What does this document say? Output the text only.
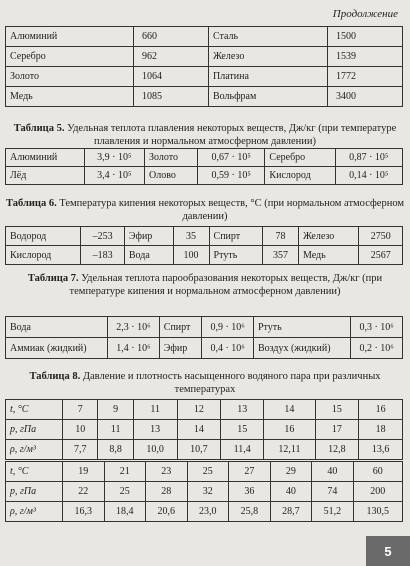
Продолжение
Алюминий	660	Сталь	1500
Серебро	962	Железо	1539
Золото	1064	Платина	1772
Медь	1085	Вольфрам	3400
Таблица 5. Удельная теплота плавления некоторых веществ, Дж/кг (при температуре плавления и нормальном атмосферном давлении)
Алюминий	3,9 · 10⁵	Золото	0,67 · 10⁵	Серебро	0,87 · 10⁵
Лёд	3,4 · 10⁵	Олово	0,59 · 10⁵	Кислород	0,14 · 10⁵
Таблица 6. Температура кипения некоторых веществ, °C (при нормальном атмосферном давлении)
Водород	–253	Эфир	35	Спирт	78	Железо	2750
Кислород	–183	Вода	100	Ртуть	357	Медь	2567
Таблица 7. Удельная теплота парообразования некоторых веществ, Дж/кг (при температуре кипения и нормальном атмосферном давлении)
Вода	2,3 · 10⁶	Спирт	0,9 · 10⁶	Ртуть	0,3 · 10⁶
Аммиак (жидкий)	1,4 · 10⁶	Эфир	0,4 · 10⁶	Воздух (жидкий)	0,2 · 10⁶
Таблица 8. Давление и плотность насыщенного водяного пара при различных температурах
t, °C	7	9	11	12	13	14	15	16
p, гПа	10	11	13	14	15	16	17	18
ρ, г/м³	7,7	8,8	10,0	10,7	11,4	12,11	12,8	13,6
t, °C	19	21	23	25	27	29	40	60
p, гПа	22	25	28	32	36	40	74	200
ρ, г/м³	16,3	18,4	20,6	23,0	25,8	28,7	51,2	130,5
5
